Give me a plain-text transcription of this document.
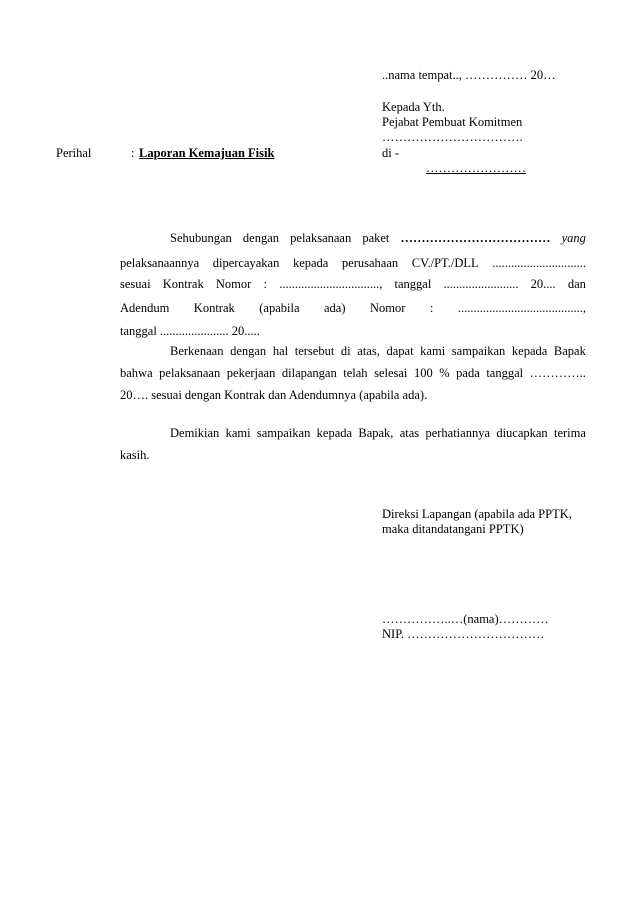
..nama tempat.., …………… 20…
Kepada Yth.
Pejabat Pembuat Komitmen
…………………………….
di -
……………………
Perihal	: Laporan Kemajuan Fisik
Sehubungan dengan pelaksanaan paket ……………………………… yang
pelaksanaannya dipercayakan kepada perusahaan CV./PT./DLL ..............................
sesuai Kontrak Nomor : ................................, tanggal ........................ 20.... dan
Adendum Kontrak (apabila ada) Nomor : ........................................,
tanggal ...................... 20.....
Berkenaan dengan hal tersebut di atas, dapat kami sampaikan kepada Bapak
bahwa pelaksanaan pekerjaan dilapangan telah selesai 100 % pada tanggal …………..
20…. sesuai dengan Kontrak dan Adendumnya (apabila ada).
Demikian kami sampaikan kepada Bapak, atas perhatiannya diucapkan terima
kasih.
Direksi Lapangan (apabila ada PPTK,
maka ditandatangani PPTK)
……………..…(nama)…………
NIP. ……………………………
